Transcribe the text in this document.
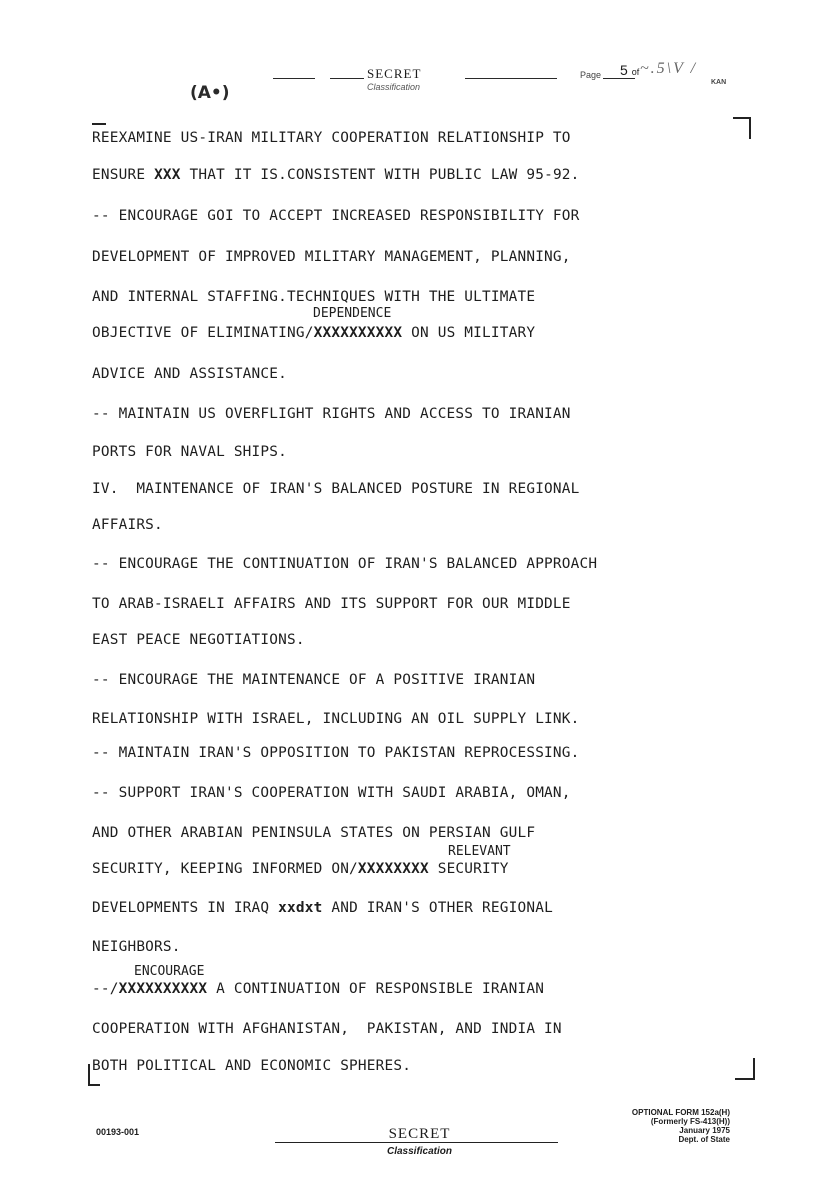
(A•)
SECRET
Classification
Page 5 of ~.5\V /
KAN
REEXAMINE US-IRAN MILITARY COOPERATION RELATIONSHIP TO
ENSURE XXX THAT IT IS.CONSISTENT WITH PUBLIC LAW 95-92.
-- ENCOURAGE GOI TO ACCEPT INCREASED RESPONSIBILITY FOR
DEVELOPMENT OF IMPROVED MILITARY MANAGEMENT, PLANNING,
AND INTERNAL STAFFING.TECHNIQUES WITH THE ULTIMATE
DEPENDENCE
OBJECTIVE OF ELIMINATING/XXXXXXXXXX ON US MILITARY
ADVICE AND ASSISTANCE.
-- MAINTAIN US OVERFLIGHT RIGHTS AND ACCESS TO IRANIAN
PORTS FOR NAVAL SHIPS.
IV.  MAINTENANCE OF IRAN'S BALANCED POSTURE IN REGIONAL
AFFAIRS.
-- ENCOURAGE THE CONTINUATION OF IRAN'S BALANCED APPROACH
TO ARAB-ISRAELI AFFAIRS AND ITS SUPPORT FOR OUR MIDDLE
EAST PEACE NEGOTIATIONS.
-- ENCOURAGE THE MAINTENANCE OF A POSITIVE IRANIAN
RELATIONSHIP WITH ISRAEL, INCLUDING AN OIL SUPPLY LINK.
-- MAINTAIN IRAN'S OPPOSITION TO PAKISTAN REPROCESSING.
-- SUPPORT IRAN'S COOPERATION WITH SAUDI ARABIA, OMAN,
AND OTHER ARABIAN PENINSULA STATES ON PERSIAN GULF
RELEVANT
SECURITY, KEEPING INFORMED ON/XXXXXXXX SECURITY
DEVELOPMENTS IN IRAQ xxdxt AND IRAN'S OTHER REGIONAL
NEIGHBORS.
ENCOURAGE
--/XXXXXXXXXX A CONTINUATION OF RESPONSIBLE IRANIAN
COOPERATION WITH AFGHANISTAN,  PAKISTAN, AND INDIA IN
BOTH POLITICAL AND ECONOMIC SPHERES.
00193-001	SECRET
Classification
OPTIONAL FORM 152a(H)
(Formerly FS-413(H))
January 1975
Dept. of State
